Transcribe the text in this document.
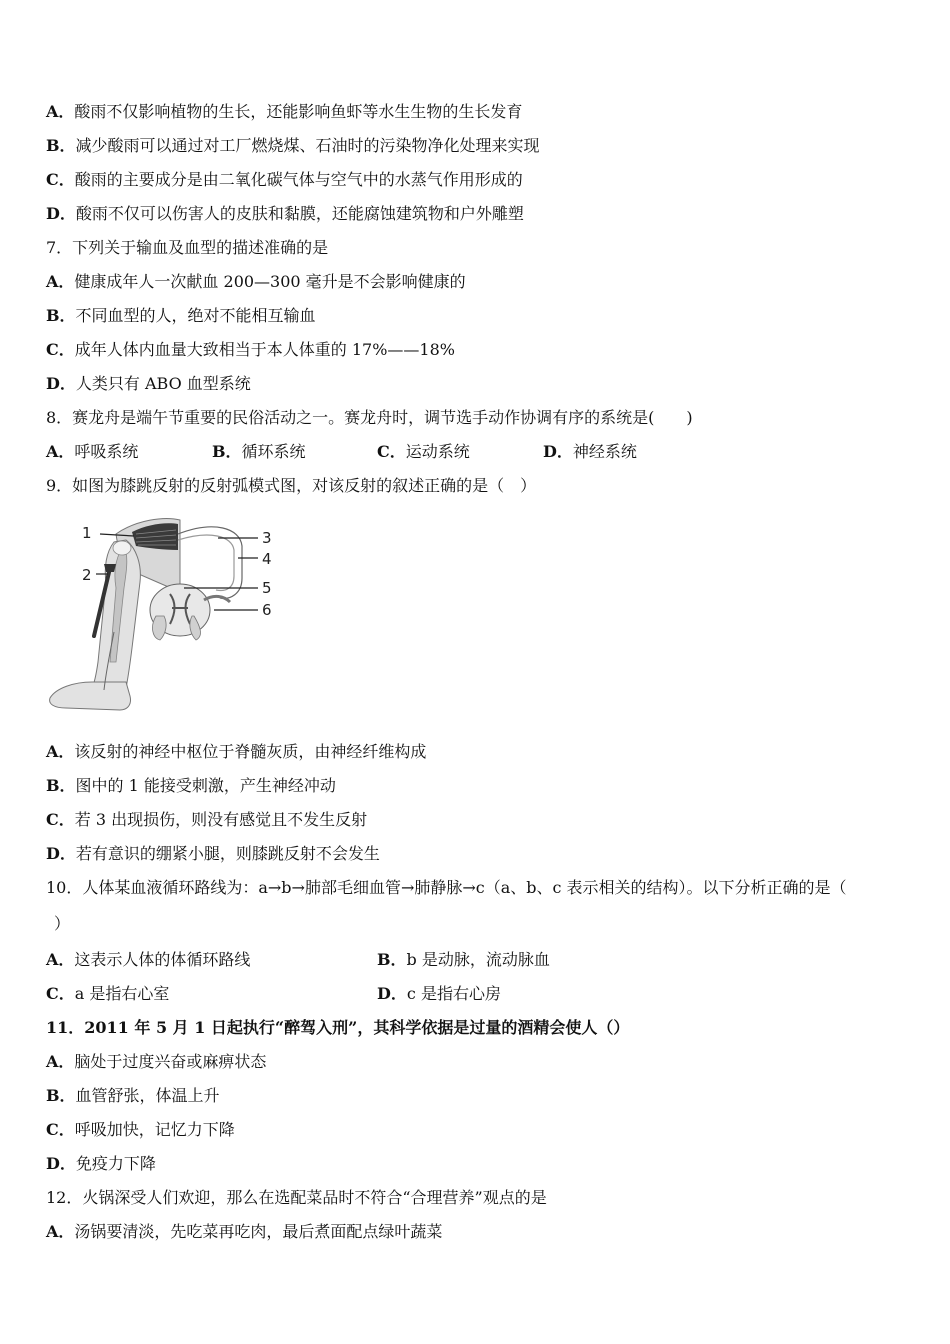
A．酸雨不仅影响植物的生长，还能影响鱼虾等水生生物的生长发育
B．减少酸雨可以通过对工厂燃烧煤、石油时的污染物净化处理来实现
C．酸雨的主要成分是由二氧化碳气体与空气中的水蒸气作用形成的
D．酸雨不仅可以伤害人的皮肤和黏膜，还能腐蚀建筑物和户外雕塑
7．下列关于输血及血型的描述准确的是
A．健康成年人一次献血 200—300 毫升是不会影响健康的
B．不同血型的人，绝对不能相互输血
C．成年人体内血量大致相当于本人体重的 17%——18%
D．人类只有 ABO 血型系统
8．赛龙舟是端午节重要的民俗活动之一。赛龙舟时，调节选手动作协调有序的系统是(　　)
A．呼吸系统	B．循环系统	C．运动系统	D．神经系统
9．如图为膝跳反射的反射弧模式图，对该反射的叙述正确的是（　）
1
2
3
4
5
6
A．该反射的神经中枢位于脊髓灰质，由神经纤维构成
B．图中的 1 能接受刺激，产生神经冲动
C．若 3 出现损伤，则没有感觉且不发生反射
D．若有意识的绷紧小腿，则膝跳反射不会发生
10．人体某血液循环路线为：a→b→肺部毛细血管→肺静脉→c（a、b、c 表示相关的结构）。以下分析正确的是（
）
A．这表示人体的体循环路线	B．b 是动脉，流动脉血
C．a 是指右心室	D．c 是指右心房
11．2011 年 5 月 1 日起执行“醉驾入刑”，其科学依据是过量的酒精会使人（）
A．脑处于过度兴奋或麻痹状态
B．血管舒张，体温上升
C．呼吸加快，记忆力下降
D．免疫力下降
12．火锅深受人们欢迎，那么在选配菜品时不符合“合理营养”观点的是
A．汤锅要清淡，先吃菜再吃肉，最后煮面配点绿叶蔬菜
